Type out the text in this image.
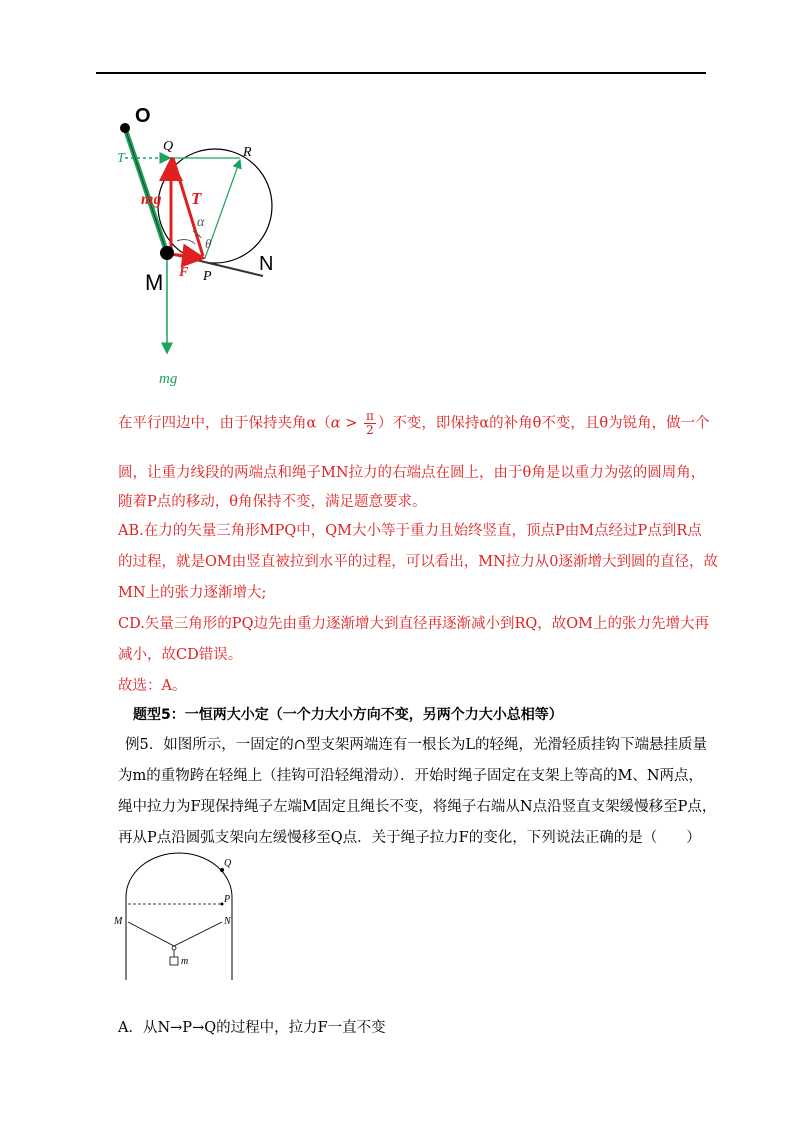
O
Q	R
T
mg T
α
θ
M F P
N
mg
在平行四边中，由于保持夹角$\alpha(\alpha > \frac{\pi}{2}$ ）不变，即保持α的补角θ不变，且θ为锐角，做一个
圆，让重力线段的两端点和绳子MN拉力的右端点在圆上，由于θ角是以重力为弦的圆周角，
随着P点的移动，θ角保持不变，满足题意要求。
AB.在力的矢量三角形MPQ中，QM大小等于重力且始终竖直，顶点P由M点经过P点到R点
的过程，就是OM由竖直被拉到水平的过程，可以看出，MN拉力从0逐渐增大到圆的直径，故
MN上的张力逐渐增大;
CD.矢量三角形的PQ边先由重力逐渐增大到直径再逐渐减小到RQ，故OM上的张力先增大再
减小，故CD错误。
故选：A。
题型5：一恒两大小定（一个力大小方向不变，另两个力大小总相等）
例5．如图所示，一固定的∩型支架两端连有一根长为L的轻绳，光滑轻质挂钩下端悬挂质量
为m的重物跨在轻绳上（挂钩可沿轻绳滑动）．开始时绳子固定在支架上等高的M、N两点，
绳中拉力为F现保持绳子左端M固定且绳长不变，将绳子右端从N点沿竖直支架缓慢移至P点，
再从P点沿圆弧支架向左缓慢移至Q点．关于绳子拉力F的变化，下列说法正确的是（　　）
Q
P
M	N
m
A．从N→P→Q的过程中，拉力F一直不变
